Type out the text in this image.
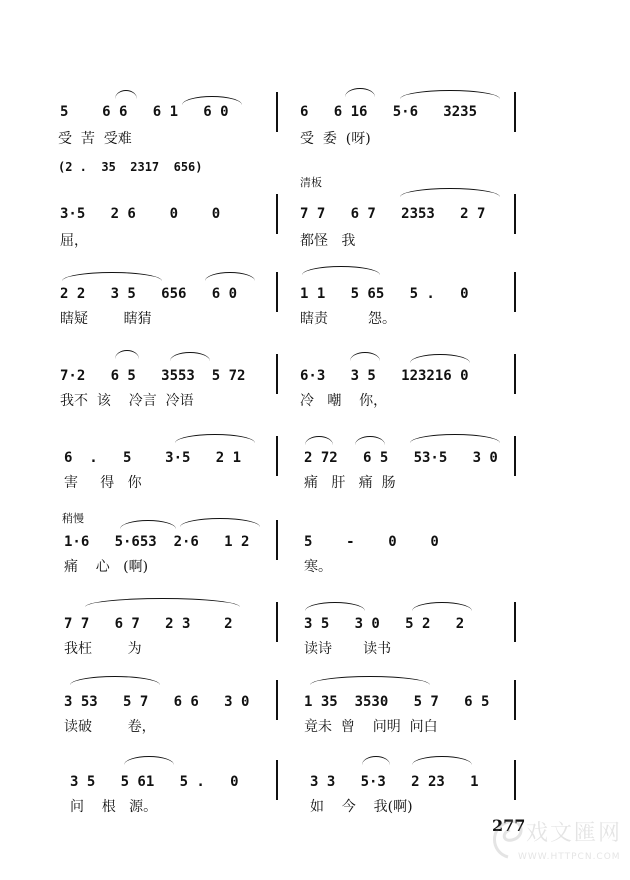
(2 .  35  2317  656)
5    6 6   6 1   6 0
受  苦  受难
6   6 16   5·6   3235
受  委  (呀)
清板
3·5   2 6    0    0
屈，
7 7   6 7   2353   2 7
都怪   我
2 2   3 5   656   6 0
瞎疑        瞎猜
1 1   5 65   5 .   0
瞎责         怨。
7·2   6 5   3553  5 72
我不  该    冷言  冷语
6·3   3 5   123216 0
冷   嘲    你，
6  .   5    3·5   2 1
害     得   你
2 72   6 5   53·5   3 0
痛   肝   痛  肠
稍慢
1·6   5·653  2·6   1 2
痛    心   (啊)
5    -    0    0
寒。
7 7   6 7   2 3    2
我枉        为
3 5   3 0   5 2   2
读诗       读书
3 53   5 7   6 6   3 0
读破        卷，
1 35  3530   5 7   6 5
竟未  曾    问明  问白
3 5   5 61   5 .   0
问    根   源。
3 3   5·3   2 23   1
如    今    我(啊)
277 戏文匯网
WWW.HTTPCN.COM
